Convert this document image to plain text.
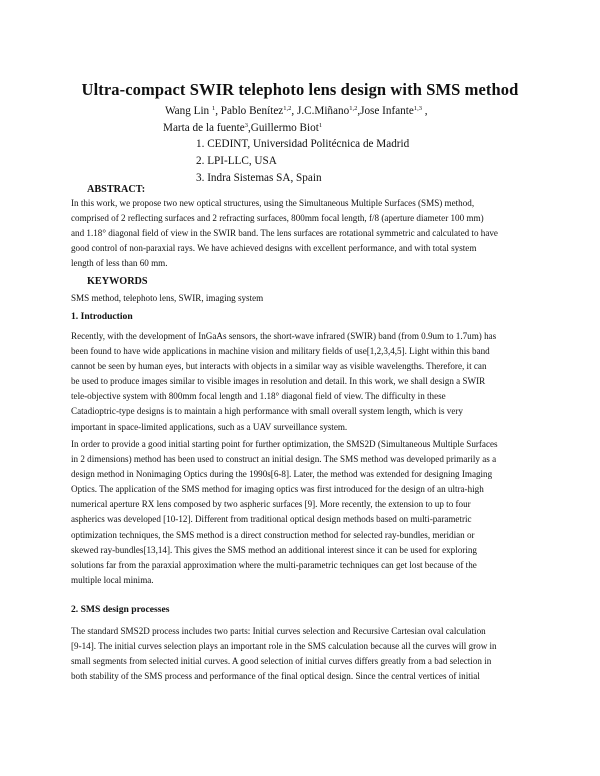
Ultra-compact SWIR telephoto lens design with SMS method
Wang Lin $^1$, Pablo Benítez$^{1,2}$, J.C.Miñano$^{1,2}$,Jose Infante$^{1,3}$ ,
Marta de la fuente$^3$,Guillermo Biot$^1$
1. CEDINT, Universidad Politécnica de Madrid
2. LPI-LLC, USA
3. Indra Sistemas SA, Spain
ABSTRACT:
In this work, we propose two new optical structures, using the Simultaneous Multiple Surfaces (SMS) method,
comprised of 2 reflecting surfaces and 2 refracting surfaces, 800mm focal length, f/8 (aperture diameter 100 mm)
and 1.18° diagonal field of view in the SWIR band. The lens surfaces are rotational symmetric and calculated to have
good control of non-paraxial rays. We have achieved designs with excellent performance, and with total system
length of less than 60 mm.
KEYWORDS
SMS method, telephoto lens, SWIR, imaging system
1. Introduction
Recently, with the development of InGaAs sensors, the short-wave infrared (SWIR) band (from 0.9um to 1.7um) has
been found to have wide applications in machine vision and military fields of use[1,2,3,4,5]. Light within this band
cannot be seen by human eyes, but interacts with objects in a similar way as visible wavelengths. Therefore, it can
be used to produce images similar to visible images in resolution and detail. In this work, we shall design a SWIR
tele-objective system with 800mm focal length and 1.18° diagonal field of view. The difficulty in these
Catadioptric-type designs is to maintain a high performance with small overall system length, which is very
important in space-limited applications, such as a UAV surveillance system.
In order to provide a good initial starting point for further optimization, the SMS2D (Simultaneous Multiple Surfaces
in 2 dimensions) method has been used to construct an initial design. The SMS method was developed primarily as a
design method in Nonimaging Optics during the 1990s[6-8]. Later, the method was extended for designing Imaging
Optics. The application of the SMS method for imaging optics was first introduced for the design of an ultra-high
numerical aperture RX lens composed by two aspheric surfaces [9]. More recently, the extension to up to four
aspherics was developed [10-12]. Different from traditional optical design methods based on multi-parametric
optimization techniques, the SMS method is a direct construction method for selected ray-bundles, meridian or
skewed ray-bundles[13,14]. This gives the SMS method an additional interest since it can be used for exploring
solutions far from the paraxial approximation where the multi-parametric techniques can get lost because of the
multiple local minima.
2. SMS design processes
The standard SMS2D process includes two parts: Initial curves selection and Recursive Cartesian oval calculation
[9-14]. The initial curves selection plays an important role in the SMS calculation because all the curves will grow in
small segments from selected initial curves. A good selection of initial curves differs greatly from a bad selection in
both stability of the SMS process and performance of the final optical design. Since the central vertices of initial
